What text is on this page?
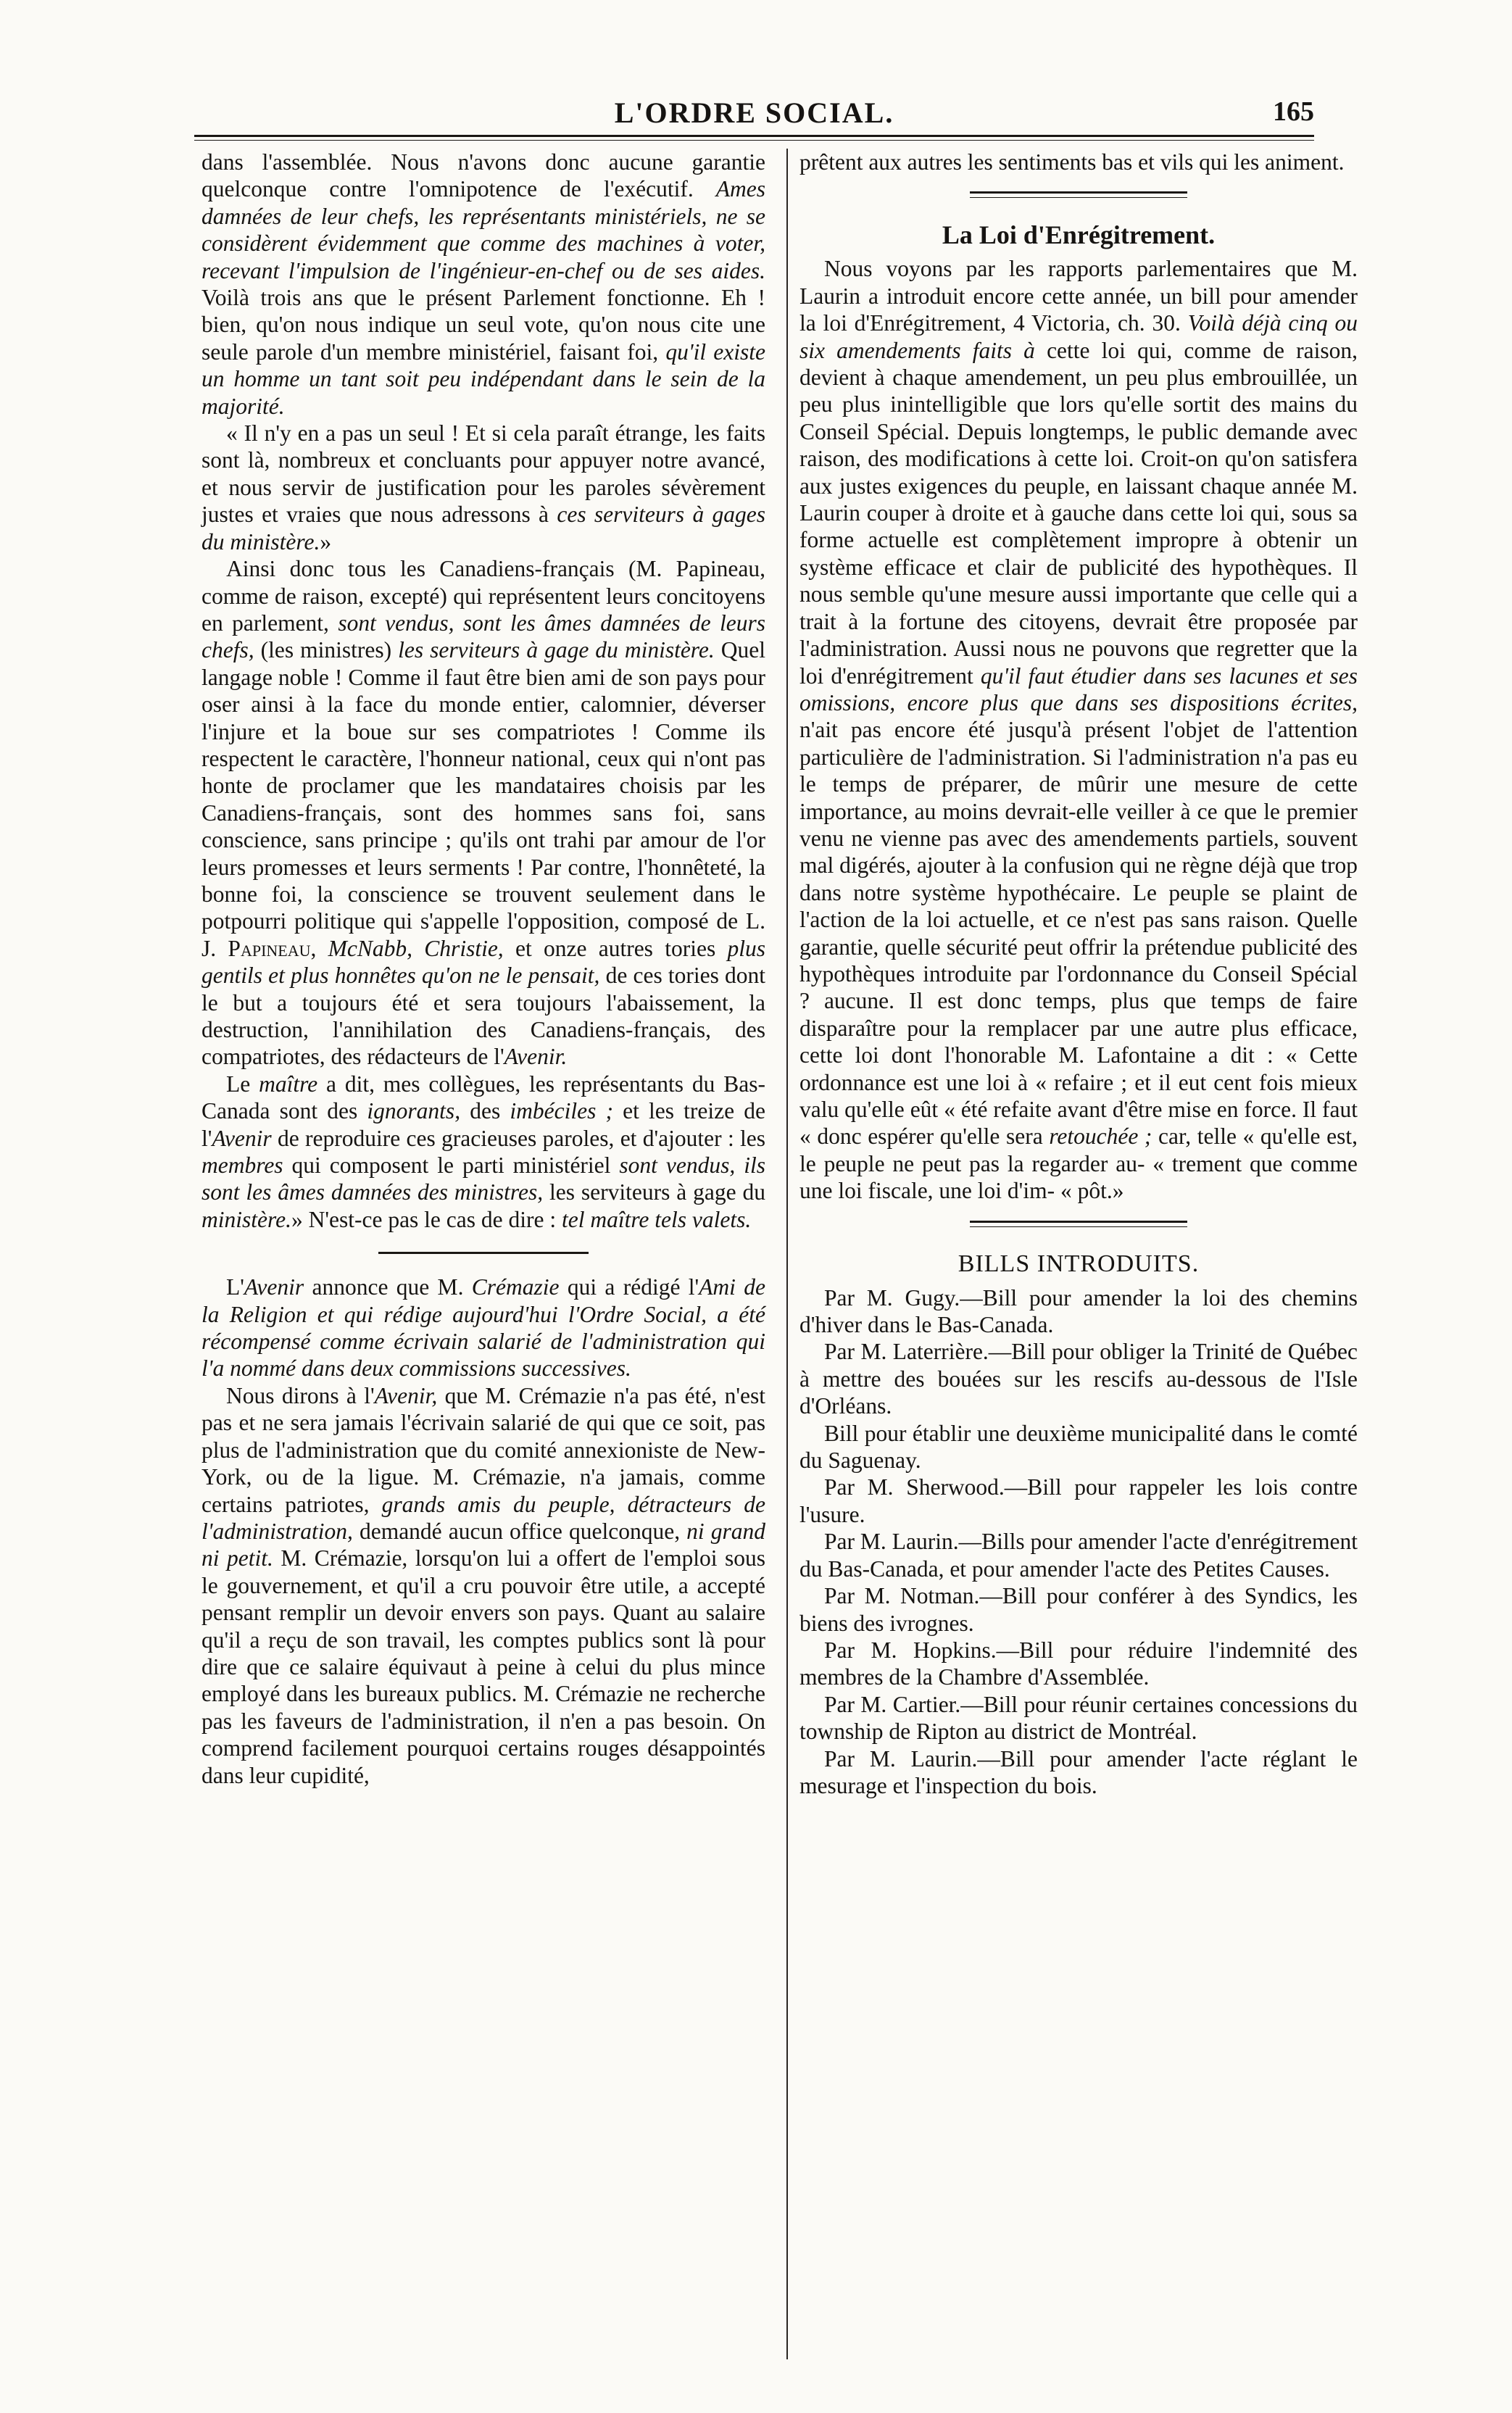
L'ORDRE SOCIAL.	165

dans l'assemblée. Nous n'avons donc aucune garantie quelconque contre l'omnipotence de l'exécutif. Ames damnées de leur chefs, les représentants ministériels, ne se considèrent évidemment que comme des machines à voter, recevant l'impulsion de l'ingénieur-en-chef ou de ses aides. Voilà trois ans que le présent Parlement fonctionne. Eh ! bien, qu'on nous indique un seul vote, qu'on nous cite une seule parole d'un membre ministériel, faisant foi, qu'il existe un homme un tant soit peu indépendant dans le sein de la majorité.

« Il n'y en a pas un seul ! Et si cela paraît étrange, les faits sont là, nombreux et concluants pour appuyer notre avancé, et nous servir de justification pour les paroles sévèrement justes et vraies que nous adressons à ces serviteurs à gages du ministère.»

Ainsi donc tous les Canadiens-français (M. Papineau, comme de raison, excepté) qui représentent leurs concitoyens en parlement, sont vendus, sont les âmes damnées de leurs chefs, (les ministres) les serviteurs à gage du ministère. Quel langage noble ! Comme il faut être bien ami de son pays pour oser ainsi à la face du monde entier, calomnier, déverser l'injure et la boue sur ses compatriotes ! Comme ils respectent le caractère, l'honneur national, ceux qui n'ont pas honte de proclamer que les mandataires choisis par les Canadiens-français, sont des hommes sans foi, sans conscience, sans principe ; qu'ils ont trahi par amour de l'or leurs promesses et leurs serments ! Par contre, l'honnêteté, la bonne foi, la conscience se trouvent seulement dans le potpourri politique qui s'appelle l'opposition, composé de L. J. Papineau, McNabb, Christie, et onze autres tories plus gentils et plus honnêtes qu'on ne le pensait, de ces tories dont le but a toujours été et sera toujours l'abaissement, la destruction, l'annihilation des Canadiens-français, des compatriotes, des rédacteurs de l'Avenir.

Le maître a dit, mes collègues, les représentants du Bas-Canada sont des ignorants, des imbéciles ; et les treize de l'Avenir de reproduire ces gracieuses paroles, et d'ajouter : les membres qui composent le parti ministériel sont vendus, ils sont les âmes damnées des ministres, les serviteurs à gage du ministère.» N'est-ce pas le cas de dire : tel maître tels valets.

L'Avenir annonce que M. Crémazie qui a rédigé l'Ami de la Religion et qui rédige aujourd'hui l'Ordre Social, a été récompensé comme écrivain salarié de l'administration qui l'a nommé dans deux commissions successives.

Nous dirons à l'Avenir, que M. Crémazie n'a pas été, n'est pas et ne sera jamais l'écrivain salarié de qui que ce soit, pas plus de l'administration que du comité annexioniste de New-York, ou de la ligue. M. Crémazie, n'a jamais, comme certains patriotes, grands amis du peuple, détracteurs de l'administration, demandé aucun office quelconque, ni grand ni petit. M. Crémazie, lorsqu'on lui a offert de l'emploi sous le gouvernement, et qu'il a cru pouvoir être utile, a accepté pensant remplir un devoir envers son pays. Quant au salaire qu'il a reçu de son travail, les comptes publics sont là pour dire que ce salaire équivaut à peine à celui du plus mince employé dans les bureaux publics. M. Crémazie ne recherche pas les faveurs de l'administration, il n'en a pas besoin. On comprend facilement pourquoi certains rouges désappointés dans leur cupidité,

prêtent aux autres les sentiments bas et vils qui les animent.

La Loi d'Enrégitrement.

Nous voyons par les rapports parlementaires que M. Laurin a introduit encore cette année, un bill pour amender la loi d'Enrégitrement, 4 Victoria, ch. 30. Voilà déjà cinq ou six amendements faits à cette loi qui, comme de raison, devient à chaque amendement, un peu plus embrouillée, un peu plus inintelligible que lors qu'elle sortit des mains du Conseil Spécial. Depuis longtemps, le public demande avec raison, des modifications à cette loi. Croit-on qu'on satisfera aux justes exigences du peuple, en laissant chaque année M. Laurin couper à droite et à gauche dans cette loi qui, sous sa forme actuelle est complètement impropre à obtenir un système efficace et clair de publicité des hypothèques. Il nous semble qu'une mesure aussi importante que celle qui a trait à la fortune des citoyens, devrait être proposée par l'administration. Aussi nous ne pouvons que regretter que la loi d'enrégitrement qu'il faut étudier dans ses lacunes et ses omissions, encore plus que dans ses dispositions écrites, n'ait pas encore été jusqu'à présent l'objet de l'attention particulière de l'administration. Si l'administration n'a pas eu le temps de préparer, de mûrir une mesure de cette importance, au moins devrait-elle veiller à ce que le premier venu ne vienne pas avec des amendements partiels, souvent mal digérés, ajouter à la confusion qui ne règne déjà que trop dans notre système hypothécaire. Le peuple se plaint de l'action de la loi actuelle, et ce n'est pas sans raison. Quelle garantie, quelle sécurité peut offrir la prétendue publicité des hypothèques introduite par l'ordonnance du Conseil Spécial ? aucune. Il est donc temps, plus que temps de faire disparaître pour la remplacer par une autre plus efficace, cette loi dont l'honorable M. Lafontaine a dit : « Cette ordonnance est une loi à « refaire ; et il eut cent fois mieux valu qu'elle eût « été refaite avant d'être mise en force. Il faut « donc espérer qu'elle sera retouchée ; car, telle « qu'elle est, le peuple ne peut pas la regarder au- « trement que comme une loi fiscale, une loi d'im- « pôt.»

BILLS INTRODUITS.

Par M. Gugy.—Bill pour amender la loi des chemins d'hiver dans le Bas-Canada.

Par M. Laterrière.—Bill pour obliger la Trinité de Québec à mettre des bouées sur les rescifs au-dessous de l'Isle d'Orléans.

Bill pour établir une deuxième municipalité dans le comté du Saguenay.

Par M. Sherwood.—Bill pour rappeler les lois contre l'usure.

Par M. Laurin.—Bills pour amender l'acte d'enrégitrement du Bas-Canada, et pour amender l'acte des Petites Causes.

Par M. Notman.—Bill pour conférer à des Syndics, les biens des ivrognes.

Par M. Hopkins.—Bill pour réduire l'indemnité des membres de la Chambre d'Assemblée.

Par M. Cartier.—Bill pour réunir certaines concessions du township de Ripton au district de Montréal.

Par M. Laurin.—Bill pour amender l'acte réglant le mesurage et l'inspection du bois.
